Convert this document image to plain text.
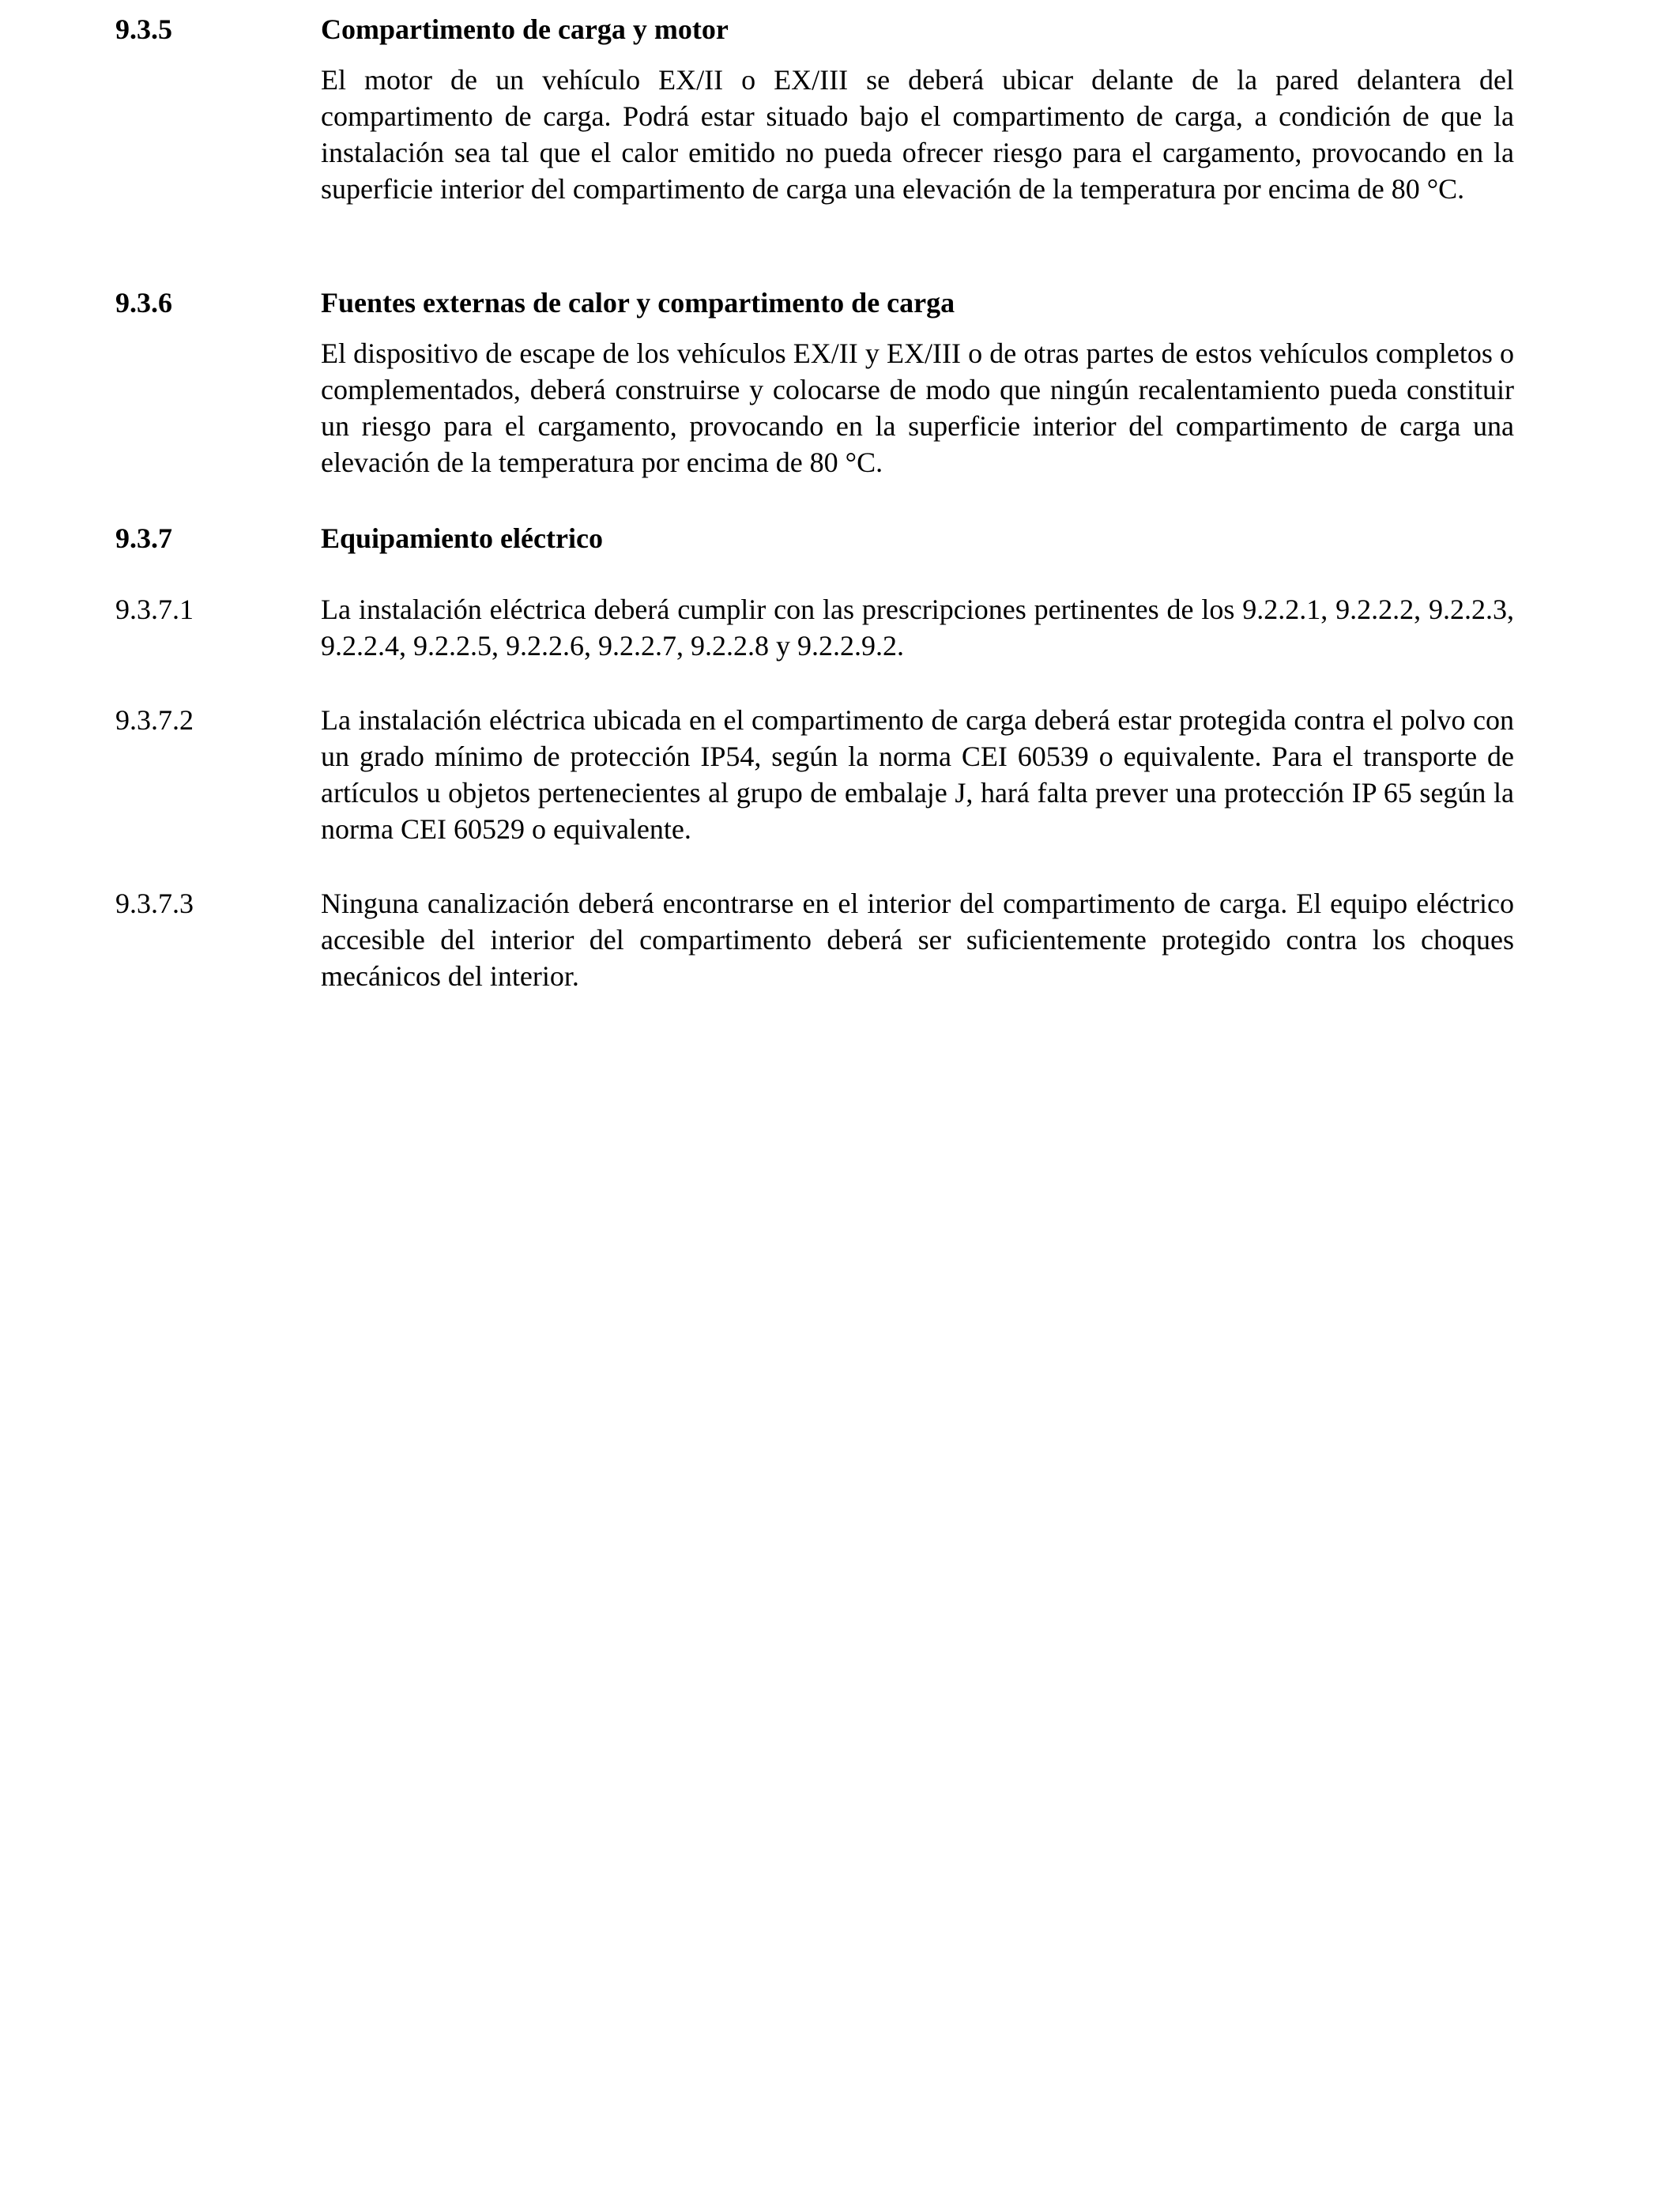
9.3.5	Compartimento de carga y motor
El motor de un vehículo EX/II o EX/III se deberá ubicar delante de la pared delantera del compartimento de carga. Podrá estar situado bajo el compartimento de carga, a condición de que la instalación sea tal que el calor emitido no pueda ofrecer riesgo para el cargamento, provocando en la superficie interior del compartimento de carga una elevación de la temperatura por encima de 80 °C.
9.3.6	Fuentes externas de calor y compartimento de carga
El dispositivo de escape de los vehículos EX/II y EX/III o de otras partes de estos vehículos completos o complementados, deberá construirse y colocarse de modo que ningún recalentamiento pueda constituir un riesgo para el cargamento, provocando en la superficie interior del compartimento de carga una elevación de la temperatura por encima de 80 °C.
9.3.7	Equipamiento eléctrico
9.3.7.1	La instalación eléctrica deberá cumplir con las prescripciones pertinentes de los 9.2.2.1, 9.2.2.2, 9.2.2.3, 9.2.2.4, 9.2.2.5, 9.2.2.6, 9.2.2.7, 9.2.2.8 y 9.2.2.9.2.
9.3.7.2	La instalación eléctrica ubicada en el compartimento de carga deberá estar protegida contra el polvo con un grado mínimo de protección IP54, según la norma CEI 60539 o equivalente. Para el transporte de artículos u objetos pertenecientes al grupo de embalaje J, hará falta prever una protección IP 65 según la norma CEI 60529 o equivalente.
9.3.7.3	Ninguna canalización deberá encontrarse en el interior del compartimento de carga. El equipo eléctrico accesible del interior del compartimento deberá ser suficientemente protegido contra los choques mecánicos del interior.
